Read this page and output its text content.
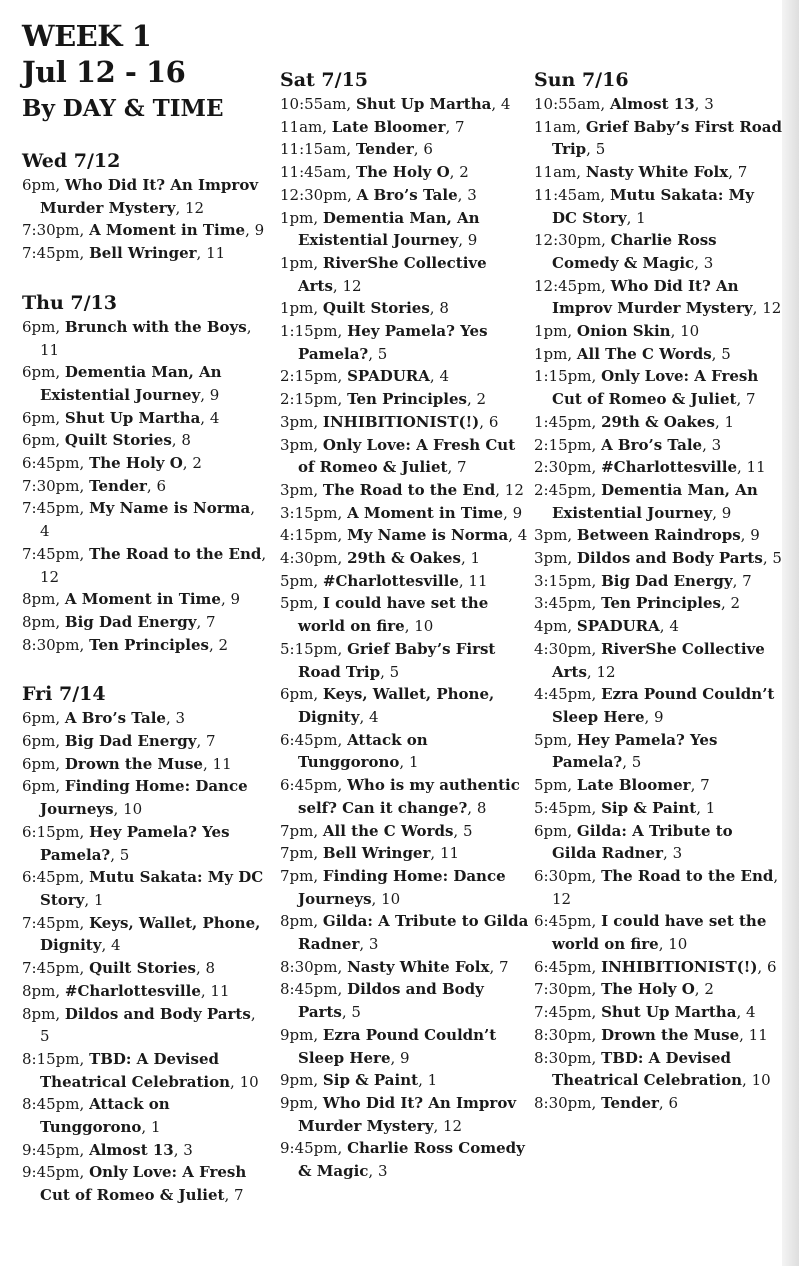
WEEK 1
Jul 12 - 16
By DAY & TIME
Wed 7/12
6pm, Who Did It? An Improv Murder Mystery, 12
7:30pm, A Moment in Time, 9
7:45pm, Bell Wringer, 11
Thu 7/13
6pm, Brunch with the Boys, 11
6pm, Dementia Man, An Existential Journey, 9
6pm, Shut Up Martha, 4
6pm, Quilt Stories, 8
6:45pm, The Holy O, 2
7:30pm, Tender, 6
7:45pm, My Name is Norma, 4
7:45pm, The Road to the End, 12
8pm, A Moment in Time, 9
8pm, Big Dad Energy, 7
8:30pm, Ten Principles, 2
Fri 7/14
6pm, A Bro’s Tale, 3
6pm, Big Dad Energy, 7
6pm, Drown the Muse, 11
6pm, Finding Home: Dance Journeys, 10
6:15pm, Hey Pamela? Yes Pamela?, 5
6:45pm, Mutu Sakata: My DC Story, 1
7:45pm, Keys, Wallet, Phone, Dignity, 4
7:45pm, Quilt Stories, 8
8pm, #Charlottesville, 11
8pm, Dildos and Body Parts, 5
8:15pm, TBD: A Devised Theatrical Celebration, 10
8:45pm, Attack on Tunggorono, 1
9:45pm, Almost 13, 3
9:45pm, Only Love: A Fresh Cut of Romeo & Juliet, 7
Sat 7/15
10:55am, Shut Up Martha, 4
11am, Late Bloomer, 7
11:15am, Tender, 6
11:45am, The Holy O, 2
12:30pm, A Bro’s Tale, 3
1pm, Dementia Man, An Existential Journey, 9
1pm, RiverShe Collective Arts, 12
1pm, Quilt Stories, 8
1:15pm, Hey Pamela? Yes Pamela?, 5
2:15pm, SPADURA, 4
2:15pm, Ten Principles, 2
3pm, INHIBITIONIST(!), 6
3pm, Only Love: A Fresh Cut of Romeo & Juliet, 7
3pm, The Road to the End, 12
3:15pm, A Moment in Time, 9
4:15pm, My Name is Norma, 4
4:30pm, 29th & Oakes, 1
5pm, #Charlottesville, 11
5pm, I could have set the world on fire, 10
5:15pm, Grief Baby’s First Road Trip, 5
6pm, Keys, Wallet, Phone, Dignity, 4
6:45pm, Attack on Tunggorono, 1
6:45pm, Who is my authentic self? Can it change?, 8
7pm, All the C Words, 5
7pm, Bell Wringer, 11
7pm, Finding Home: Dance Journeys, 10
8pm, Gilda: A Tribute to Gilda Radner, 3
8:30pm, Nasty White Folx, 7
8:45pm, Dildos and Body Parts, 5
9pm, Ezra Pound Couldn’t Sleep Here, 9
9pm, Sip & Paint, 1
9pm, Who Did It? An Improv Murder Mystery, 12
9:45pm, Charlie Ross Comedy & Magic, 3
Sun 7/16
10:55am, Almost 13, 3
11am, Grief Baby’s First Road Trip, 5
11am, Nasty White Folx, 7
11:45am, Mutu Sakata: My DC Story, 1
12:30pm, Charlie Ross Comedy & Magic, 3
12:45pm, Who Did It? An Improv Murder Mystery, 12
1pm, Onion Skin, 10
1pm, All The C Words, 5
1:15pm, Only Love: A Fresh Cut of Romeo & Juliet, 7
1:45pm, 29th & Oakes, 1
2:15pm, A Bro’s Tale, 3
2:30pm, #Charlottesville, 11
2:45pm, Dementia Man, An Existential Journey, 9
3pm, Between Raindrops, 9
3pm, Dildos and Body Parts, 5
3:15pm, Big Dad Energy, 7
3:45pm, Ten Principles, 2
4pm, SPADURA, 4
4:30pm, RiverShe Collective Arts, 12
4:45pm, Ezra Pound Couldn’t Sleep Here, 9
5pm, Hey Pamela? Yes Pamela?, 5
5pm, Late Bloomer, 7
5:45pm, Sip & Paint, 1
6pm, Gilda: A Tribute to Gilda Radner, 3
6:30pm, The Road to the End, 12
6:45pm, I could have set the world on fire, 10
6:45pm, INHIBITIONIST(!), 6
7:30pm, The Holy O, 2
7:45pm, Shut Up Martha, 4
8:30pm, Drown the Muse, 11
8:30pm, TBD: A Devised Theatrical Celebration, 10
8:30pm, Tender, 6
